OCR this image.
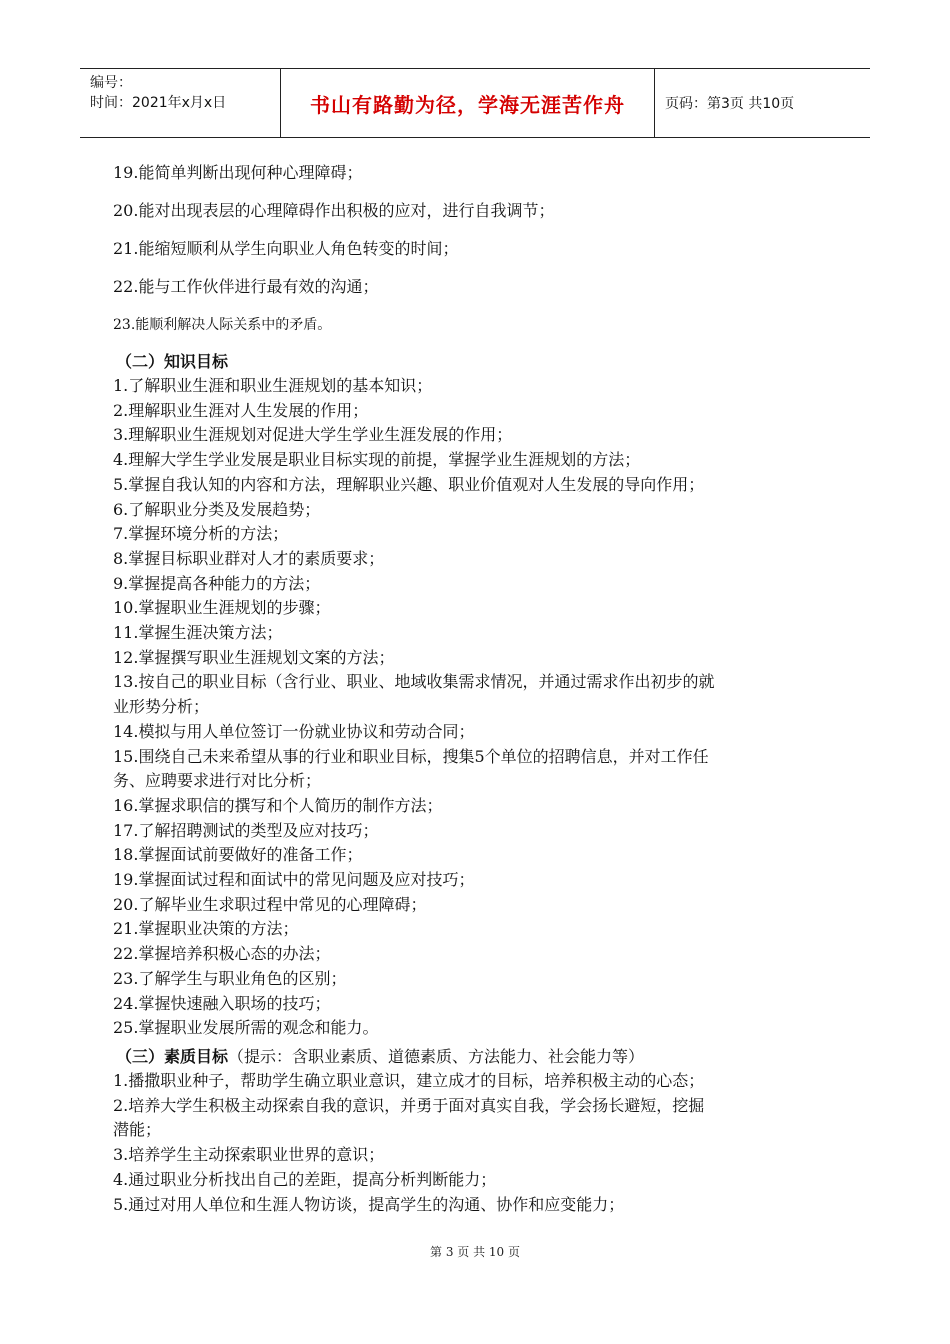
编号：
时间：2021年x月x日	书山有路勤为径，学海无涯苦作舟	页码：第3页 共10页
19.能简单判断出现何种心理障碍；
20.能对出现表层的心理障碍作出积极的应对，进行自我调节；
21.能缩短顺利从学生向职业人角色转变的时间；
22.能与工作伙伴进行最有效的沟通；
23.能顺利解决人际关系中的矛盾。
（二）知识目标
1.了解职业生涯和职业生涯规划的基本知识；
2.理解职业生涯对人生发展的作用；
3.理解职业生涯规划对促进大学生学业生涯发展的作用；
4.理解大学生学业发展是职业目标实现的前提，掌握学业生涯规划的方法；
5.掌握自我认知的内容和方法，理解职业兴趣、职业价值观对人生发展的导向作用；
6.了解职业分类及发展趋势；
7.掌握环境分析的方法；
8.掌握目标职业群对人才的素质要求；
9.掌握提高各种能力的方法；
10.掌握职业生涯规划的步骤；
11.掌握生涯决策方法；
12.掌握撰写职业生涯规划文案的方法；
13.按自己的职业目标（含行业、职业、地域收集需求情况，并通过需求作出初步的就
业形势分析；
14.模拟与用人单位签订一份就业协议和劳动合同；
15.围绕自己未来希望从事的行业和职业目标，搜集5个单位的招聘信息，并对工作任
务、应聘要求进行对比分析；
16.掌握求职信的撰写和个人简历的制作方法；
17.了解招聘测试的类型及应对技巧；
18.掌握面试前要做好的准备工作；
19.掌握面试过程和面试中的常见问题及应对技巧；
20.了解毕业生求职过程中常见的心理障碍；
21.掌握职业决策的方法；
22.掌握培养积极心态的办法；
23.了解学生与职业角色的区别；
24.掌握快速融入职场的技巧；
25.掌握职业发展所需的观念和能力。
（三）素质目标（提示：含职业素质、道德素质、方法能力、社会能力等）
1.播撒职业种子，帮助学生确立职业意识，建立成才的目标，培养积极主动的心态；
2.培养大学生积极主动探索自我的意识，并勇于面对真实自我，学会扬长避短，挖掘
潜能；
3.培养学生主动探索职业世界的意识；
4.通过职业分析找出自己的差距，提高分析判断能力；
5.通过对用人单位和生涯人物访谈，提高学生的沟通、协作和应变能力；
第 3 页 共 10 页
